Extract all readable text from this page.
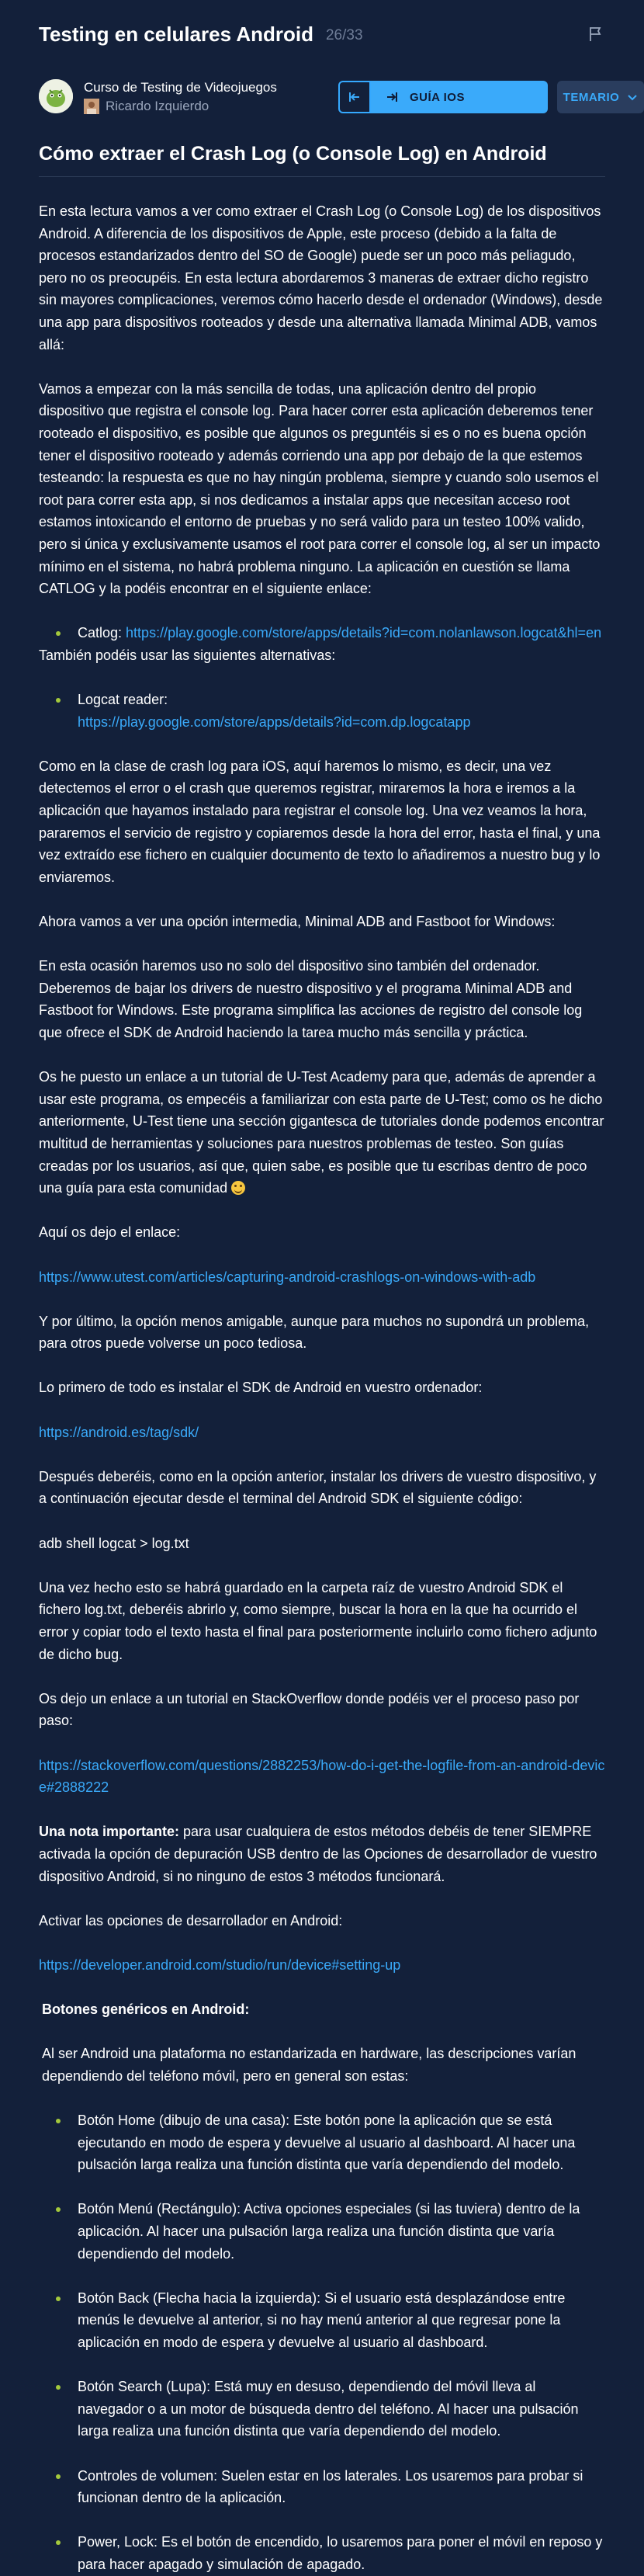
Testing en celulares Android 26/33
Curso de Testing de Videojuegos
Ricardo Izquierdo
GUÍA IOS	TEMARIO
Cómo extraer el Crash Log (o Console Log) en Android

En esta lectura vamos a ver como extraer el Crash Log (o Console Log) de los dispositivos Android. A diferencia de los dispositivos de Apple, este proceso (debido a la falta de procesos estandarizados dentro del SO de Google) puede ser un poco más peliagudo, pero no os preocupéis. En esta lectura abordaremos 3 maneras de extraer dicho registro sin mayores complicaciones, veremos cómo hacerlo desde el ordenador (Windows), desde una app para dispositivos rooteados y desde una alternativa llamada Minimal ADB, vamos allá:

Vamos a empezar con la más sencilla de todas, una aplicación dentro del propio dispositivo que registra el console log. Para hacer correr esta aplicación deberemos tener rooteado el dispositivo, es posible que algunos os preguntéis si es o no es buena opción tener el dispositivo rooteado y además corriendo una app por debajo de la que estemos testeando: la respuesta es que no hay ningún problema, siempre y cuando solo usemos el root para correr esta app, si nos dedicamos a instalar apps que necesitan acceso root estamos intoxicando el entorno de pruebas y no será valido para un testeo 100% valido, pero si única y exclusivamente usamos el root para correr el console log, al ser un impacto mínimo en el sistema, no habrá problema ninguno. La aplicación en cuestión se llama CATLOG y la podéis encontrar en el siguiente enlace:

Catlog: https://play.google.com/store/apps/details?id=com.nolanlawson.logcat&hl=en

También podéis usar las siguientes alternativas:

Logcat reader:
https://play.google.com/store/apps/details?id=com.dp.logcatapp

Como en la clase de crash log para iOS, aquí haremos lo mismo, es decir, una vez detectemos el error o el crash que queremos registrar, miraremos la hora e iremos a la aplicación que hayamos instalado para registrar el console log. Una vez veamos la hora, pararemos el servicio de registro y copiaremos desde la hora del error, hasta el final, y una vez extraído ese fichero en cualquier documento de texto lo añadiremos a nuestro bug y lo enviaremos.

Ahora vamos a ver una opción intermedia, Minimal ADB and Fastboot for Windows:

En esta ocasión haremos uso no solo del dispositivo sino también del ordenador. Deberemos de bajar los drivers de nuestro dispositivo y el programa Minimal ADB and Fastboot for Windows. Este programa simplifica las acciones de registro del console log que ofrece el SDK de Android haciendo la tarea mucho más sencilla y práctica.

Os he puesto un enlace a un tutorial de U-Test Academy para que, además de aprender a usar este programa, os empecéis a familiarizar con esta parte de U-Test; como os he dicho anteriormente, U-Test tiene una sección gigantesca de tutoriales donde podemos encontrar multitud de herramientas y soluciones para nuestros problemas de testeo. Son guías creadas por los usuarios, así que, quien sabe, es posible que tu escribas dentro de poco una guía para esta comunidad

Aquí os dejo el enlace:

https://www.utest.com/articles/capturing-android-crashlogs-on-windows-with-adb

Y por último, la opción menos amigable, aunque para muchos no supondrá un problema, para otros puede volverse un poco tediosa.

Lo primero de todo es instalar el SDK de Android en vuestro ordenador:

https://android.es/tag/sdk/

Después deberéis, como en la opción anterior, instalar los drivers de vuestro dispositivo, y a continuación ejecutar desde el terminal del Android SDK el siguiente código:

adb shell logcat > log.txt

Una vez hecho esto se habrá guardado en la carpeta raíz de vuestro Android SDK el fichero log.txt, deberéis abrirlo y, como siempre, buscar la hora en la que ha ocurrido el error y copiar todo el texto hasta el final para posteriormente incluirlo como fichero adjunto de dicho bug.

Os dejo un enlace a un tutorial en StackOverflow donde podéis ver el proceso paso por paso:

https://stackoverflow.com/questions/2882253/how-do-i-get-the-logfile-from-an-android-device#2888222

Una nota importante: para usar cualquiera de estos métodos debéis de tener SIEMPRE activada la opción de depuración USB dentro de las Opciones de desarrollador de vuestro dispositivo Android, si no ninguno de estos 3 métodos funcionará.

Activar las opciones de desarrollador en Android:

https://developer.android.com/studio/run/device#setting-up

Botones genéricos en Android:

Al ser Android una plataforma no estandarizada en hardware, las descripciones varían dependiendo del teléfono móvil, pero en general son estas:

Botón Home (dibujo de una casa): Este botón pone la aplicación que se está ejecutando en modo de espera y devuelve al usuario al dashboard. Al hacer una pulsación larga realiza una función distinta que varía dependiendo del modelo.
Botón Menú (Rectángulo): Activa opciones especiales (si las tuviera) dentro de la aplicación. Al hacer una pulsación larga realiza una función distinta que varía dependiendo del modelo.
Botón Back (Flecha hacia la izquierda): Si el usuario está desplazándose entre menús le devuelve al anterior, si no hay menú anterior al que regresar pone la aplicación en modo de espera y devuelve al usuario al dashboard.
Botón Search (Lupa): Está muy en desuso, dependiendo del móvil lleva al navegador o a un motor de búsqueda dentro del teléfono. Al hacer una pulsación larga realiza una función distinta que varía dependiendo del modelo.
Controles de volumen: Suelen estar en los laterales. Los usaremos para probar si funcionan dentro de la aplicación.
Power, Lock: Es el botón de encendido, lo usaremos para poner el móvil en reposo y para hacer apagado y simulación de apagado.
